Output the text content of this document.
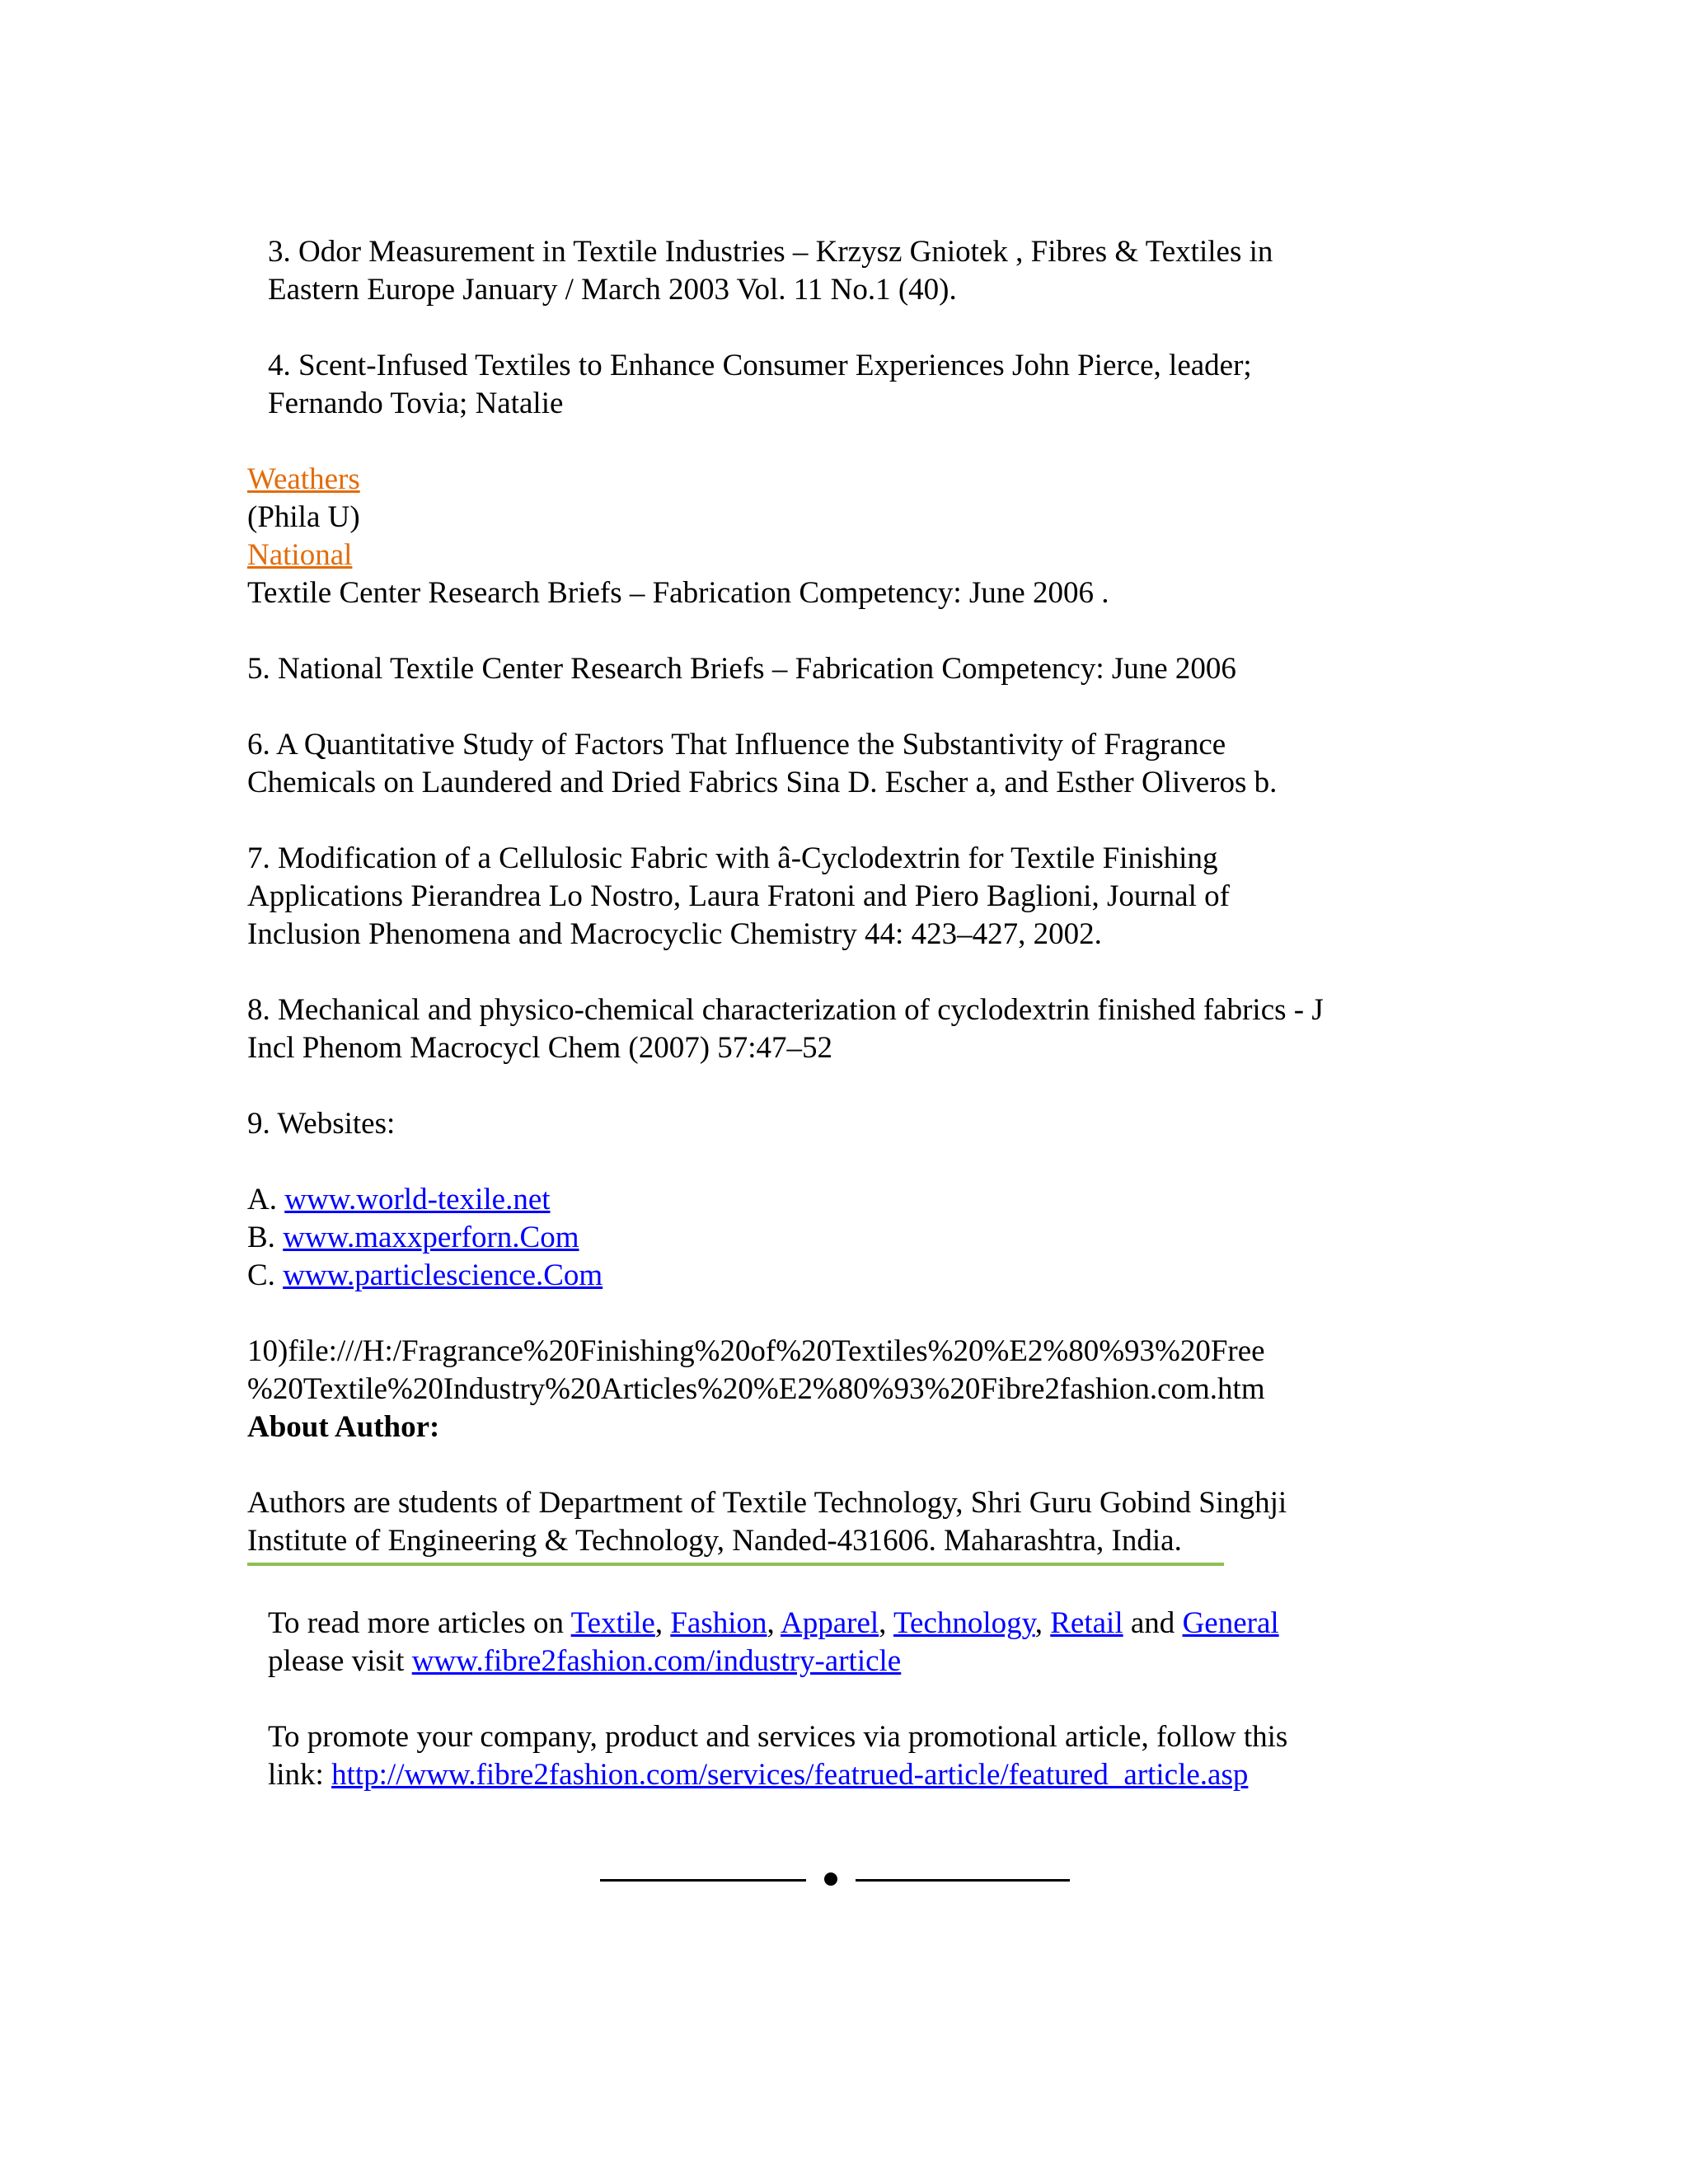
3. Odor Measurement in Textile Industries – Krzysz Gniotek , Fibres & Textiles in
Eastern Europe January / March 2003 Vol. 11 No.1 (40).
4. Scent-Infused Textiles to Enhance Consumer Experiences John Pierce, leader;
Fernando Tovia; Natalie
Weathers
(Phila U)
National
Textile Center Research Briefs – Fabrication Competency: June 2006 .
5. National Textile Center Research Briefs – Fabrication Competency: June 2006
6. A Quantitative Study of Factors That Influence the Substantivity of Fragrance
Chemicals on Laundered and Dried Fabrics Sina D. Escher a, and Esther Oliveros b.
7. Modification of a Cellulosic Fabric with â-Cyclodextrin for Textile Finishing
Applications Pierandrea Lo Nostro, Laura Fratoni and Piero Baglioni, Journal of
Inclusion Phenomena and Macrocyclic Chemistry 44: 423–427, 2002.
8. Mechanical and physico-chemical characterization of cyclodextrin finished fabrics - J
Incl Phenom Macrocycl Chem (2007) 57:47–52
9. Websites:
A. www.world-texile.net
B. www.maxxperforn.Com
C. www.particlescience.Com
10)file:///H:/Fragrance%20Finishing%20of%20Textiles%20%E2%80%93%20Free
%20Textile%20Industry%20Articles%20%E2%80%93%20Fibre2fashion.com.htm
About Author:
Authors are students of Department of Textile Technology, Shri Guru Gobind Singhji
Institute of Engineering & Technology, Nanded-431606. Maharashtra, India.
To read more articles on Textile, Fashion, Apparel, Technology, Retail and General
please visit www.fibre2fashion.com/industry-article
To promote your company, product and services via promotional article, follow this
link: http://www.fibre2fashion.com/services/featrued-article/featured_article.asp
